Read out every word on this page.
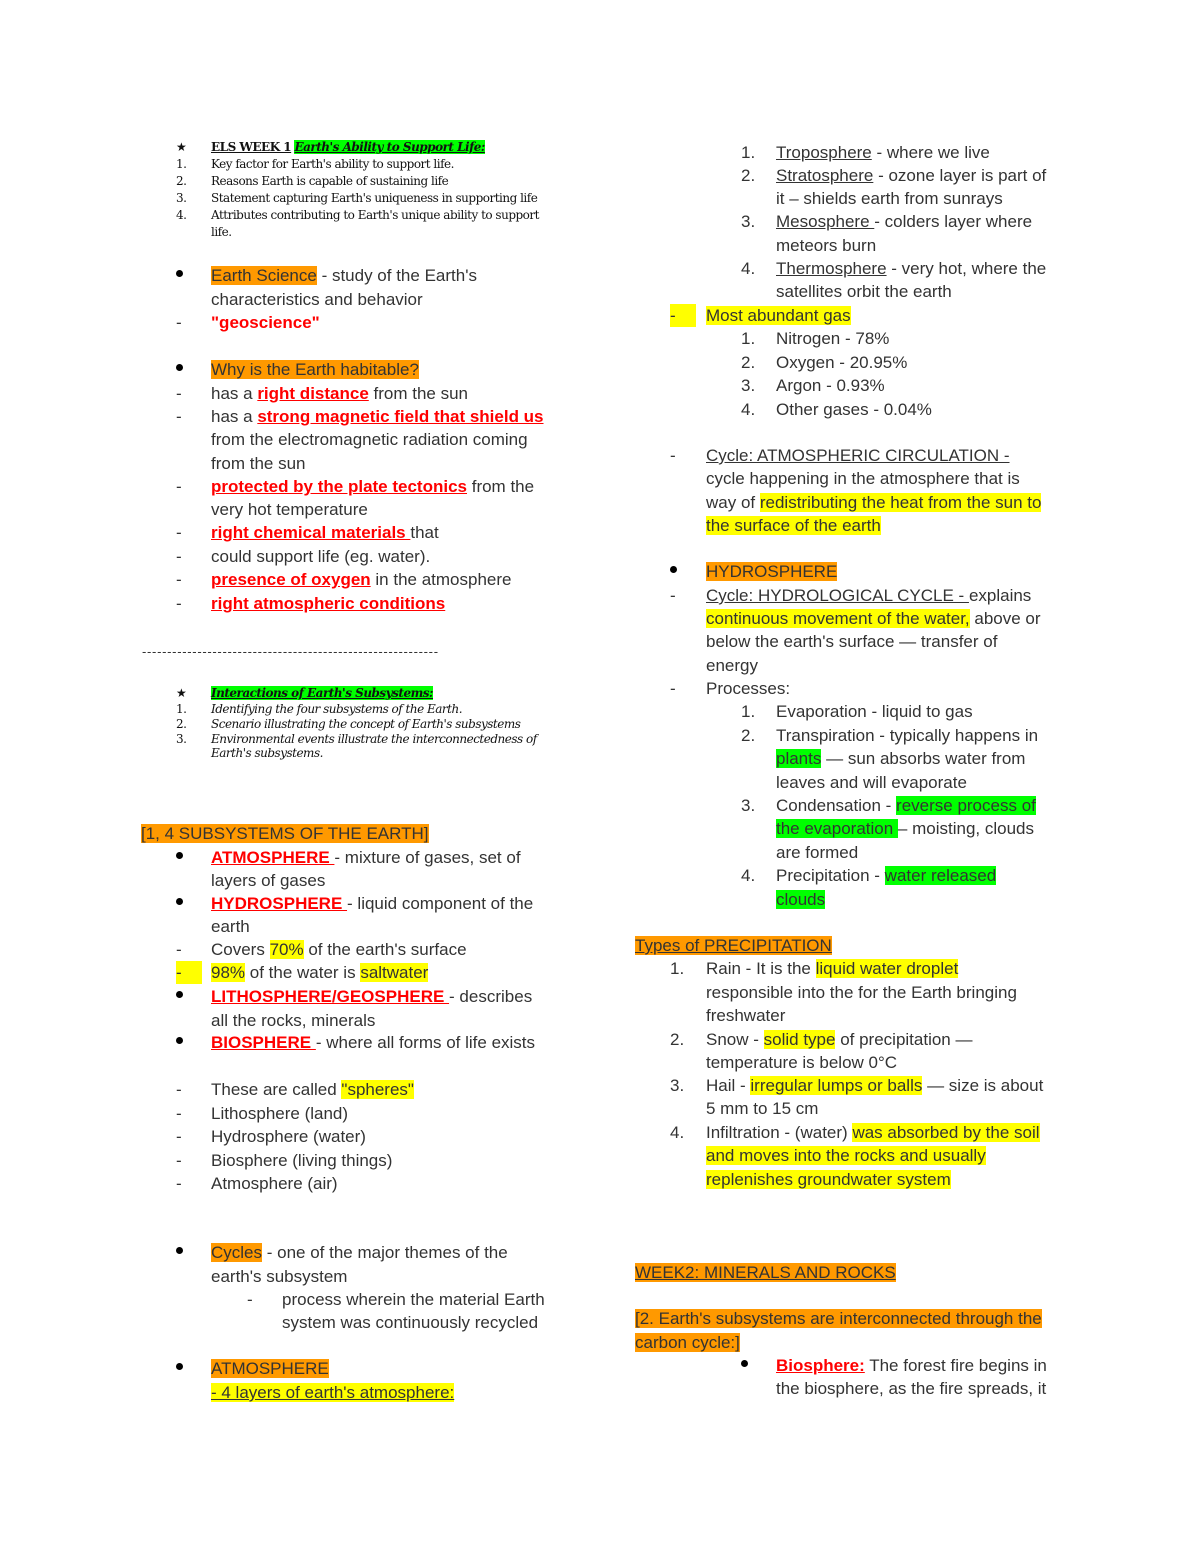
★ ELS WEEK 1 Earth's Ability to Support Life:
1. Key factor for Earth's ability to support life.
2. Reasons Earth is capable of sustaining life
3. Statement capturing Earth's uniqueness in supporting life
4. Attributes contributing to Earth's unique ability to support
life.
Earth Science - study of the Earth's
characteristics and behavior
- "geoscience"
Why is the Earth habitable?
- has a right distance from the sun
- has a strong magnetic field that shield us
from the electromagnetic radiation coming
from the sun
- protected by the plate tectonics from the
very hot temperature
- right chemical materials that
- could support life (eg. water).
- presence of oxygen in the atmosphere
- right atmospheric conditions
-----------------------------------------------------------
★ Interactions of Earth's Subsystems:
1. Identifying the four subsystems of the Earth.
2. Scenario illustrating the concept of Earth's subsystems
3. Environmental events illustrate the interconnectedness of
Earth's subsystems.
[1, 4 SUBSYSTEMS OF THE EARTH]
ATMOSPHERE - mixture of gases, set of
layers of gases
HYDROSPHERE - liquid component of the
earth
- Covers 70% of the earth's surface
-	98% of the water is saltwater
LITHOSPHERE/GEOSPHERE - describes
all the rocks, minerals
BIOSPHERE - where all forms of life exists
- These are called "spheres"
- Lithosphere (land)
- Hydrosphere (water)
- Biosphere (living things)
- Atmosphere (air)
Cycles - one of the major themes of the
earth's subsystem
- process wherein the material Earth
system was continuously recycled
ATMOSPHERE
- 4 layers of earth's atmosphere:
1. Troposphere - where we live
2. Stratosphere - ozone layer is part of
it – shields earth from sunrays
3. Mesosphere - colders layer where
meteors burn
4. Thermosphere - very hot, where the
satellites orbit the earth
-	Most abundant gas
1. Nitrogen - 78%
2. Oxygen - 20.95%
3. Argon - 0.93%
4. Other gases - 0.04%
- Cycle: ATMOSPHERIC CIRCULATION -
cycle happening in the atmosphere that is
way of redistributing the heat from the sun to
the surface of the earth
HYDROSPHERE
- Cycle: HYDROLOGICAL CYCLE - explains
continuous movement of the water, above or
below the earth's surface — transfer of
energy
- Processes:
1. Evaporation - liquid to gas
2. Transpiration - typically happens in
plants — sun absorbs water from
leaves and will evaporate
3. Condensation - reverse process of
the evaporation – moisting, clouds
are formed
4. Precipitation - water released
clouds
Types of PRECIPITATION
1. Rain - It is the liquid water droplet
responsible into the for the Earth bringing
freshwater
2. Snow - solid type of precipitation —
temperature is below 0°C
3. Hail - irregular lumps or balls — size is about
5 mm to 15 cm
4. Infiltration - (water) was absorbed by the soil
and moves into the rocks and usually
replenishes groundwater system
WEEK2: MINERALS AND ROCKS
[2. Earth's subsystems are interconnected through the
carbon cycle:]
Biosphere: The forest fire begins in
the biosphere, as the fire spreads, it
